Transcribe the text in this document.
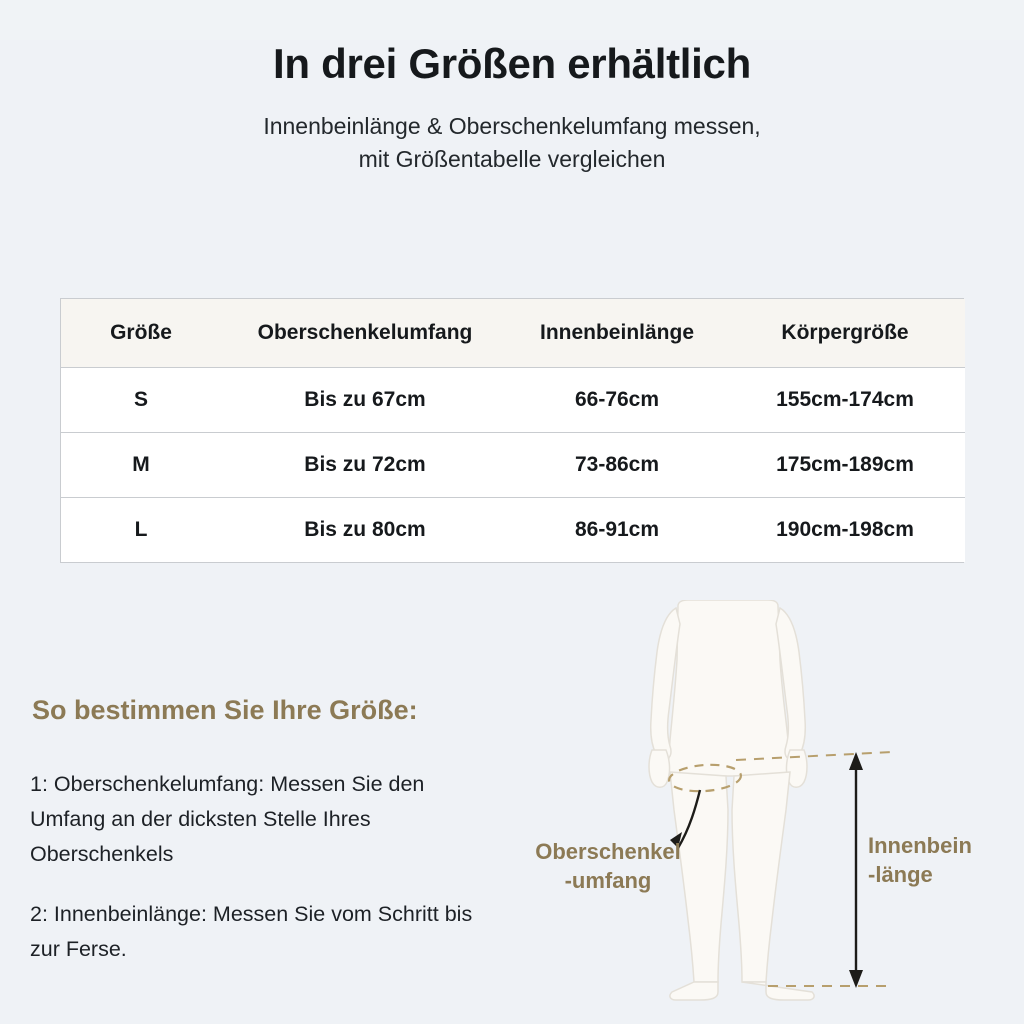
In drei Größen erhältlich
Innenbeinlänge & Oberschenkelumfang messen,
mit Größentabelle vergleichen
Größe	Oberschenkelumfang	Innenbeinlänge	Körpergröße
S	Bis zu 67cm	66-76cm	155cm-174cm
M	Bis zu 72cm	73-86cm	175cm-189cm
L	Bis zu 80cm	86-91cm	190cm-198cm
So bestimmen Sie Ihre Größe:

1: Oberschenkelumfang: Messen Sie den Umfang an der dicksten Stelle Ihres Oberschenkels

2: Innenbeinlänge: Messen Sie vom Schritt bis zur Ferse.

Oberschenkel
-umfang
Innenbein
-länge
